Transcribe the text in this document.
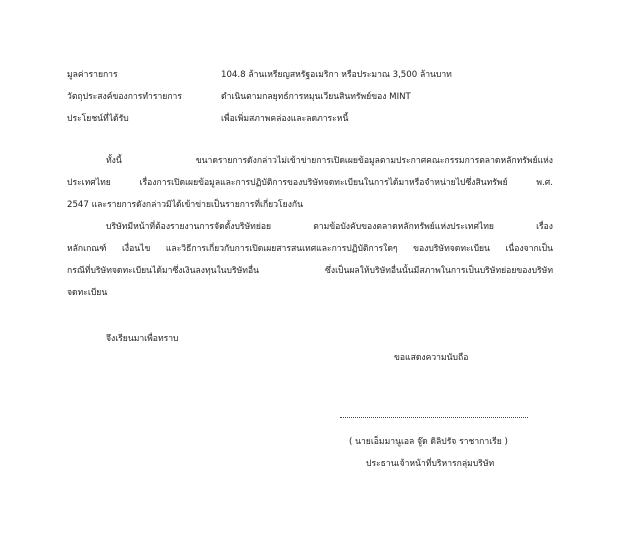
มูลค่ารายการ	104.8 ล้านเหรียญสหรัฐอเมริกา หรือประมาณ 3,500 ล้านบาท
วัตถุประสงค์ของการทำรายการ	ดำเนินตามกลยุทธ์การหมุนเวียนสินทรัพย์ของ MINT
ประโยชน์ที่ได้รับ	เพื่อเพิ่มสภาพคล่องและลดภาระหนี้
ทั้งนี้ ขนาดรายการดังกล่าวไม่เข้าข่ายการเปิดเผยข้อมูลตามประกาศคณะกรรมการตลาดหลักทรัพย์แห่ง
ประเทศไทย เรื่องการเปิดเผยข้อมูลและการปฏิบัติการของบริษัทจดทะเบียนในการได้มาหรือจำหน่ายไปซึ่งสินทรัพย์ พ.ศ.
2547 และรายการดังกล่าวมิได้เข้าข่ายเป็นรายการที่เกี่ยวโยงกัน
บริษัทมีหน้าที่ต้องรายงานการจัดตั้งบริษัทย่อย ตามข้อบังคับของตลาดหลักทรัพย์แห่งประเทศไทย เรื่อง
หลักเกณฑ์ เงื่อนไข และวิธีการเกี่ยวกับการเปิดเผยสารสนเทศและการปฏิบัติการใดๆ ของบริษัทจดทะเบียน เนื่องจากเป็น
กรณีที่บริษัทจดทะเบียนได้มาซึ่งเงินลงทุนในบริษัทอื่น ซึ่งเป็นผลให้บริษัทอื่นนั้นมีสภาพในการเป็นบริษัทย่อยของบริษัท
จดทะเบียน
จึงเรียนมาเพื่อทราบ
ขอแสดงความนับถือ
( นายเอ็มมานูเอล จู๊ด ดิลิปรัจ ราชากาเรีย )
ประธานเจ้าหน้าที่บริหารกลุ่มบริษัท
